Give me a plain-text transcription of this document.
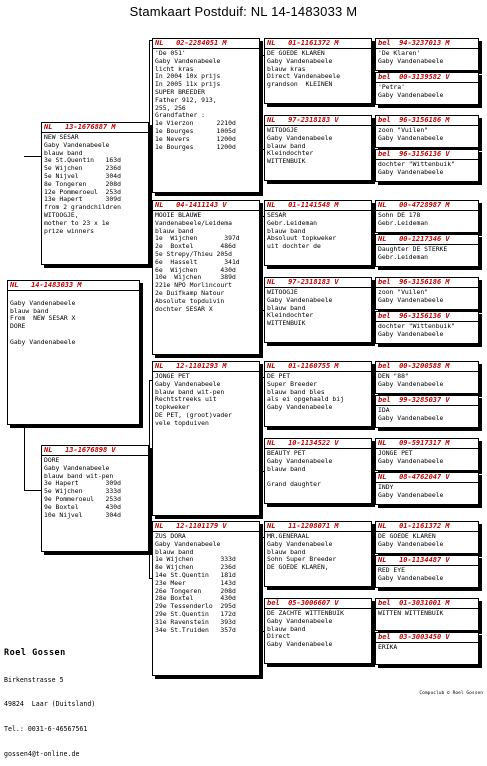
Stamkaart Postduif: NL 14-1483033 M
NL   14-1483033 M
Gaby Vandenabeele
blauw band
From  NEW SESAR X
DORE
Gaby Vandenabeele
NL   13-1676887 M
NEW SESAR
Gaby Vandenabeele
blauw band
3e St.Quentin   163d
5e Wijchen      236d
5e Nijvel       304d
8e Tongeren     208d
12e Pommeroeul  253d
13e Hapert      309d
from 2 grandchildren
WITOOGJE,
mother to 23 x 1e
prize winners
NL   13-1676898 V
DORE
Gaby Vandenabeele
blauw band wit-pen
3e Hapert       309d
5e Wijchen      333d
9e Pommeroeul   253d
9e Boxtel       430d
10e Nijvel      304d
NL   02-2284051 M
'De 051'
Gaby Vandenabeele
licht kras
In 2004 10x prijs
In 2005 11x prijs
SUPER BREEDER
Father 912, 913,
255, 256
Grandfather :
1e Vierzon      2210d
1e Bourges      1005d
1e Nevers       1200d
1e Bourges      1200d
NL   04-1411143 V
MOOIE BLAUWE
Vandenabeele/Leidema
blauw band
1e  Wijchen       397d
2e  Boxtel       486d
5e Strepy/Thieu 205d
6e  Hasselt       341d
6e  Wijchen      430d
10e  Wijchen     389d
221e NPO Morlincourt
2e Duifkamp Natour
Absolute topduivin
dochter SESAR X
NL   12-1101293 M
JONGE PET
Gaby Vandenabeele
blauw band wit-pen
Rechtstreeks uit
topkweker
DE PET, (groot)vader
vele topduiven
NL   12-1101179 V
ZUS DORA
Gaby Vandenabeele
blauw band
1e Wijchen       333d
8e Wijchen       236d
14e St.Quentin   181d
23e Meer         143d
26e Tongeren     208d
28e Boxtel       430d
29e Tessenderlo  295d
29e St.Quentin   172d
31e Ravenstein   393d
34e St.Truiden   357d
NL   01-1161372 M
DE GOEDE KLAREN
Gaby Vandenabeele
blauw kras
Direct Vandenabeele
grandson  KLEINEN
NL   97-2318183 V
WITOOGJE
Gaby Vandenabeele
blauw band
Kleindochter
WITTENBUIK
NL   01-1141548 M
SESAR
Gebr.Leideman
blauw band
Absoluut topkweker
uit dochter de
NL   97-2318183 V
WITOOGJE
Gaby Vandenabeele
blauw band
Kleindochter
WITTENBUIK
NL   01-1160755 M
DE PET
Super Breeder
blauw band bles
als ei opgehaald bij
Gaby Vandenabeele
NL   10-1134522 V
BEAUTY PET
Gaby Vandenabeele
blauw band
Grand daughter
NL   11-1208071 M
MR.GENERAAL
Gaby Vandenabeele
blauw band
Sohn Super Breeder
DE GOEDE KLAREN,
bel  05-3006607 V
DE ZACHTE WITTENBUIK
Gaby Vandenabeele
blauw band
Direct
Gaby Vandenabeele
bel  94-3237013 M
'De Klaren'
Gaby Vandenabeele
bel  00-3139582 V
'Petra'
Gaby Vandenabeele
bel  96-3156186 M
zoon "Vuilen"
Gaby Vandenabeele
bel  96-3156136 V
dochter "Wittenbuik"
Gaby Vandenabeele
NL   00-4728987 M
Sohn DE 178
Gebr.Leideman
NL   00-1217346 V
Daughter DE STERKE
Gebr.Leideman
bel  96-3156186 M
zoon "Vuilen"
Gaby Vandenabeele
bel  96-3156136 V
dochter "Wittenbuik"
Gaby Vandenabeele
bel  00-3200588 M
DEN "88"
Gaby Vandenabeele
bel  99-3285037 V
IDA
Gaby Vandenabeele
NL   09-5917317 M
JONGE PET
Gaby Vandenabeele
NL   08-4762047 V
INDY
Gaby Vandenabeele
NL   01-1161372 M
DE GOEDE KLAREN
Gaby Vandenabeele
NL   10-1134487 V
RED EYE
Gaby Vandenabeele
bel  01-3031001 M
WITTEN WITTENBUIK
bel  03-3003450 V
ERIKA

Roel Gossen

Birkenstrasse 5

49824  Laar (Duitsland)

Tel.: 0031-6-46567561

gossen4@t-online.de

Compuclub © Roel Gossen
